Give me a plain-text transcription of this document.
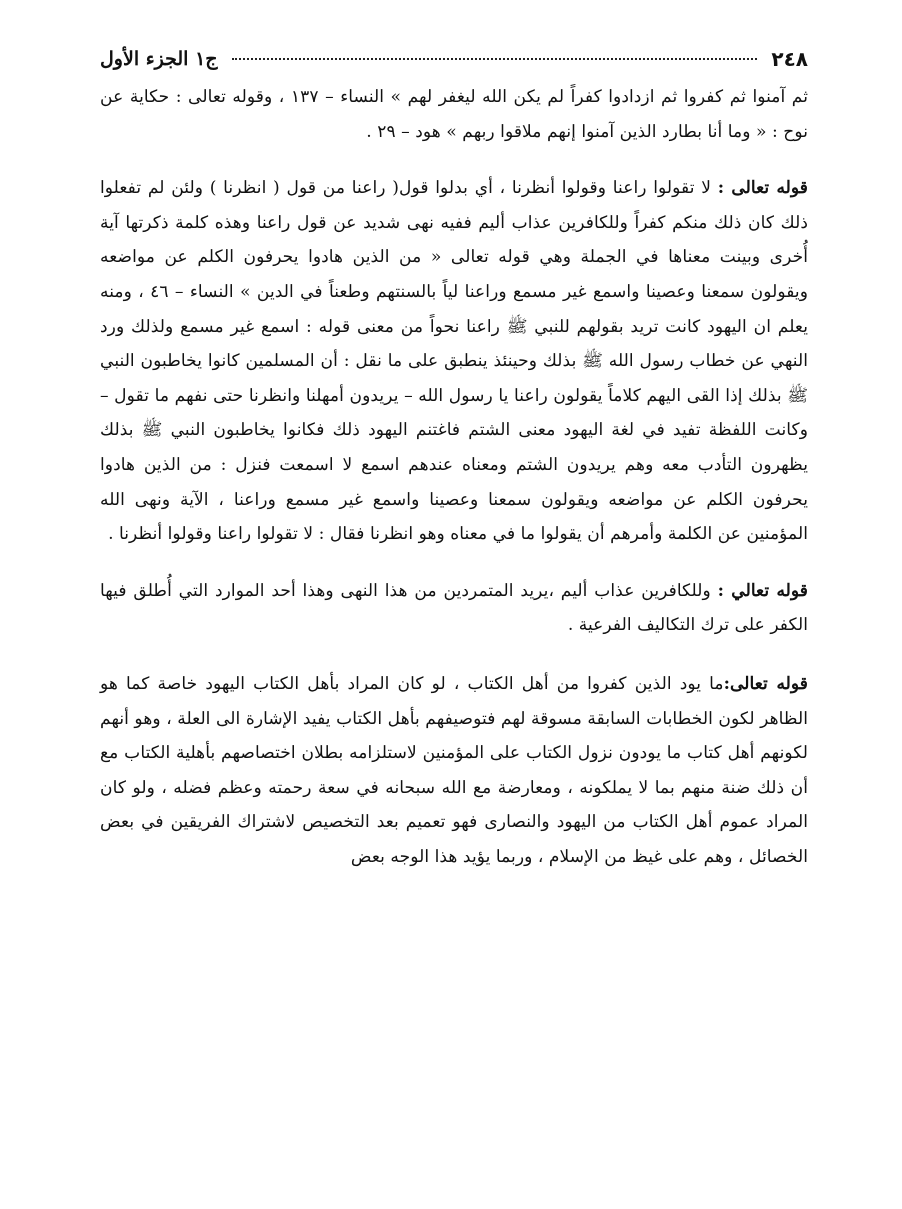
٢٤٨
ج١ الجزء الأول

ثم آمنوا ثم كفروا ثم ازدادوا كفراً لم يكن الله ليغفر لهم » النساء – ١٣٧ ، وقوله تعالى : حكاية عن نوح : « وما أنا بطارد الذين آمنوا إنهم ملاقوا ربهم » هود – ٢٩ .

قوله تعالى : لا تقولوا راعنا وقولوا أنظرنا ، أي بدلوا قول( راعنا من قول ( انظرنا ) ولئن لم تفعلوا ذلك كان ذلك منكم كفراً وللكافرين عذاب أليم ففيه نهى شديد عن قول راعنا وهذه كلمة ذكرتها آية أُخرى وبينت معناها في الجملة وهي قوله تعالى « من الذين هادوا يحرفون الكلم عن مواضعه ويقولون سمعنا وعصينا واسمع غير مسمع وراعنا لياً بالسنتهم وطعناً في الدين » النساء – ٤٦ ، ومنه يعلم ان اليهود كانت تريد بقولهم للنبي ﷺ راعنا نحواً من معنى قوله : اسمع غير مسمع ولذلك ورد النهي عن خطاب رسول الله ﷺ بذلك وحينئذ ينطبق على ما نقل : أن المسلمين كانوا يخاطبون النبي ﷺ بذلك إذا القى اليهم كلاماً يقولون راعنا يا رسول الله – يريدون أمهلنا وانظرنا حتى نفهم ما تقول – وكانت اللفظة تفيد في لغة اليهود معنى الشتم فاغتنم اليهود ذلك فكانوا يخاطبون النبي ﷺ بذلك يظهرون التأدب معه وهم يريدون الشتم ومعناه عندهم اسمع لا اسمعت فنزل : من الذين هادوا يحرفون الكلم عن مواضعه ويقولون سمعنا وعصينا واسمع غير مسمع وراعنا ، الآية ونهى الله المؤمنين عن الكلمة وأمرهم أن يقولوا ما في معناه وهو انظرنا فقال : لا تقولوا راعنا وقولوا أنظرنا .

قوله تعالي : وللكافرين عذاب أليم ،يريد المتمردين من هذا النهى وهذا أحد الموارد التي أُطلق فيها الكفر على ترك التكاليف الفرعية .

قوله تعالى:ما يود الذين كفروا من أهل الكتاب ، لو كان المراد بأهل الكتاب اليهود خاصة كما هو الظاهر لكون الخطابات السابقة مسوقة لهم فتوصيفهم بأهل الكتاب يفيد الإشارة الى العلة ، وهو أنهم لكونهم أهل كتاب ما يودون نزول الكتاب على المؤمنين لاستلزامه بطلان اختصاصهم بأهلية الكتاب مع أن ذلك ضنة منهم بما لا يملكونه ، ومعارضة مع الله سبحانه في سعة رحمته وعظم فضله ، ولو كان المراد عموم أهل الكتاب من اليهود والنصارى فهو تعميم بعد التخصيص لاشتراك الفريقين في بعض الخصائل ، وهم على غيظ من الإسلام ، وربما يؤيد هذا الوجه بعض
